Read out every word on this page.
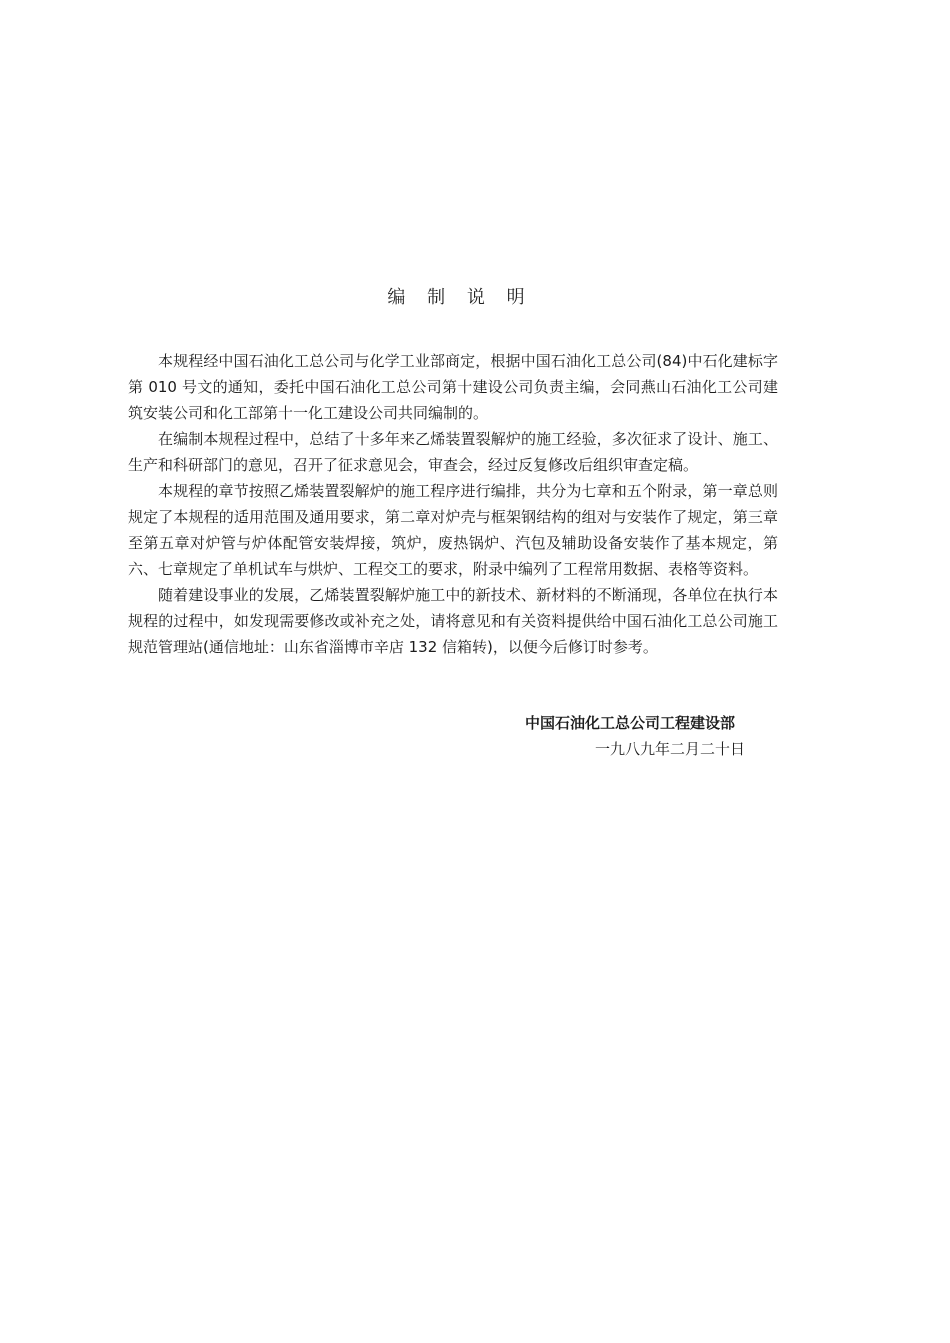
编 制 说 明

本规程经中国石油化工总公司与化学工业部商定，根据中国石油化工总公司(84)中石化建标字第 010 号文的通知，委托中国石油化工总公司第十建设公司负责主编，会同燕山石油化工公司建筑安装公司和化工部第十一化工建设公司共同编制的。

在编制本规程过程中，总结了十多年来乙烯装置裂解炉的施工经验，多次征求了设计、施工、生产和科研部门的意见，召开了征求意见会，审查会，经过反复修改后组织审查定稿。

本规程的章节按照乙烯装置裂解炉的施工程序进行编排，共分为七章和五个附录，第一章总则规定了本规程的适用范围及通用要求，第二章对炉壳与框架钢结构的组对与安装作了规定，第三章至第五章对炉管与炉体配管安装焊接，筑炉，废热锅炉、汽包及辅助设备安装作了基本规定，第六、七章规定了单机试车与烘炉、工程交工的要求，附录中编列了工程常用数据、表格等资料。

随着建设事业的发展，乙烯装置裂解炉施工中的新技术、新材料的不断涌现，各单位在执行本规程的过程中，如发现需要修改或补充之处，请将意见和有关资料提供给中国石油化工总公司施工规范管理站(通信地址：山东省淄博市辛店 132 信箱转)，以便今后修订时参考。

中国石油化工总公司工程建设部

一九八九年二月二十日
